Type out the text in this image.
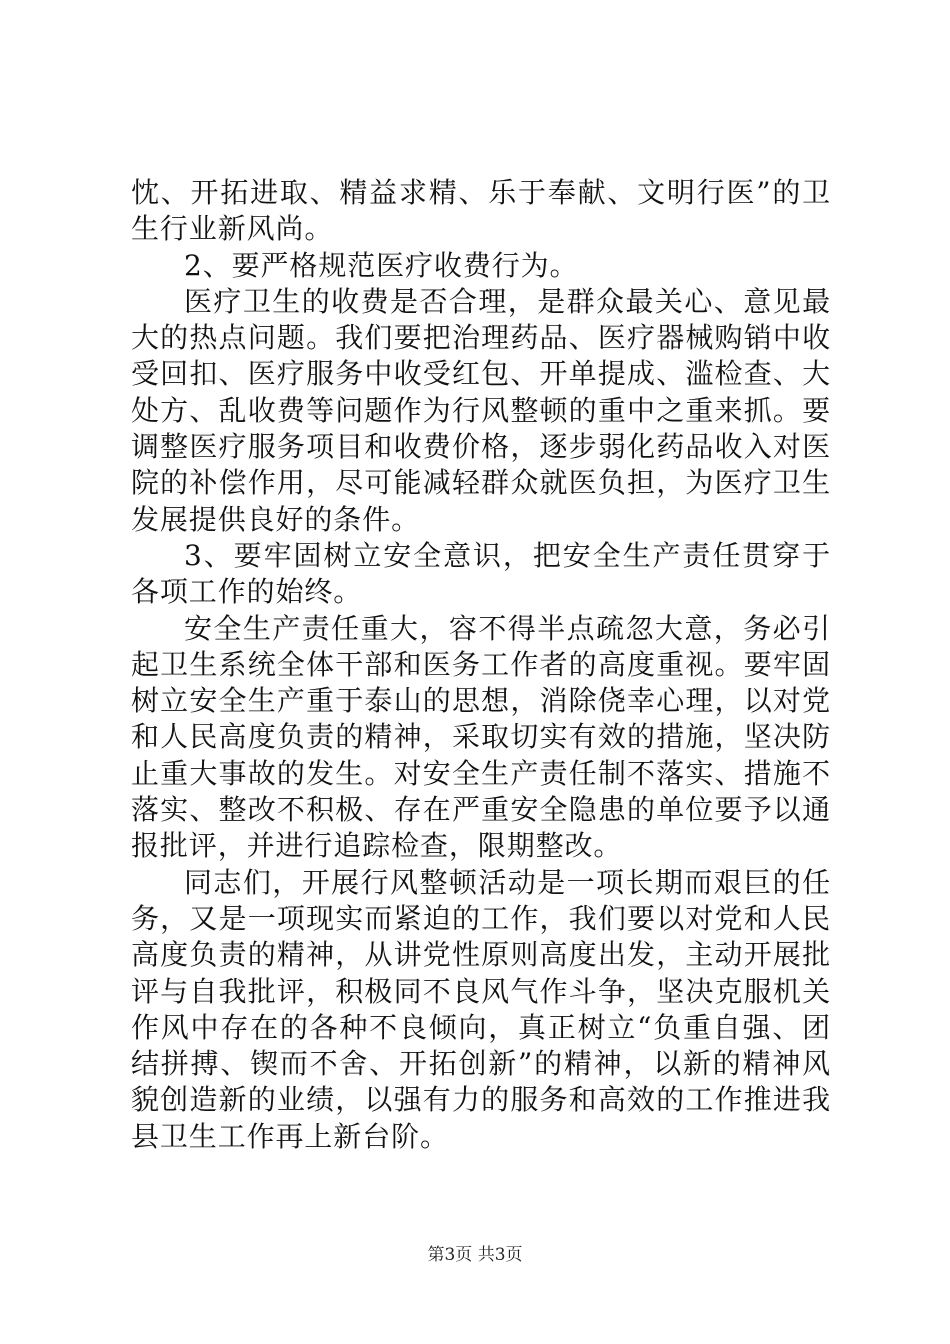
忱、开拓进取、精益求精、乐于奉献、文明行医”的卫生行业新风尚。

2、要严格规范医疗收费行为。

医疗卫生的收费是否合理，是群众最关心、意见最大的热点问题。我们要把治理药品、医疗器械购销中收受回扣、医疗服务中收受红包、开单提成、滥检查、大处方、乱收费等问题作为行风整顿的重中之重来抓。要调整医疗服务项目和收费价格，逐步弱化药品收入对医院的补偿作用，尽可能减轻群众就医负担，为医疗卫生发展提供良好的条件。

3、要牢固树立安全意识，把安全生产责任贯穿于各项工作的始终。

安全生产责任重大，容不得半点疏忽大意，务必引起卫生系统全体干部和医务工作者的高度重视。要牢固树立安全生产重于泰山的思想，消除侥幸心理，以对党和人民高度负责的精神，采取切实有效的措施，坚决防止重大事故的发生。对安全生产责任制不落实、措施不落实、整改不积极、存在严重安全隐患的单位要予以通报批评，并进行追踪检查，限期整改。

同志们，开展行风整顿活动是一项长期而艰巨的任务，又是一项现实而紧迫的工作，我们要以对党和人民高度负责的精神，从讲党性原则高度出发，主动开展批评与自我批评，积极同不良风气作斗争，坚决克服机关作风中存在的各种不良倾向，真正树立“负重自强、团结拼搏、锲而不舍、开拓创新”的精神，以新的精神风貌创造新的业绩，以强有力的服务和高效的工作推进我县卫生工作再上新台阶。

第3页 共3页
